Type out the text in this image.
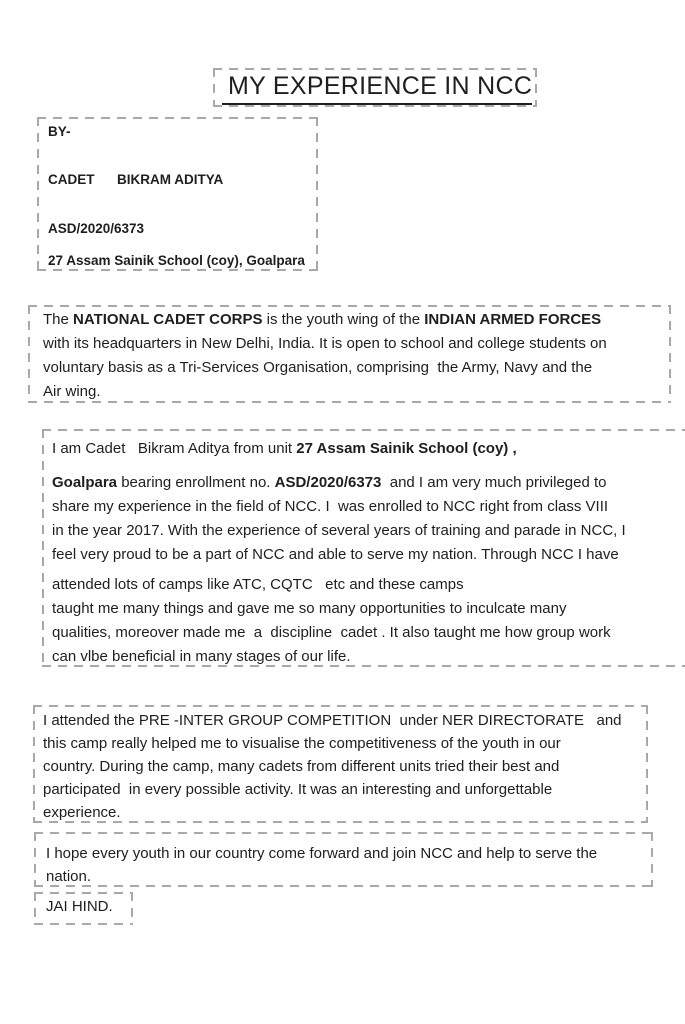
MY EXPERIENCE IN NCC
BY-
CADET      BIKRAM ADITYA
ASD/2020/6373
27 Assam Sainik School (coy), Goalpara
The NATIONAL CADET CORPS is the youth wing of the INDIAN ARMED FORCES
with its headquarters in New Delhi, India. It is open to school and college students on
voluntary basis as a Tri-Services Organisation, comprising  the Army, Navy and the
Air wing.
I am Cadet   Bikram Aditya from unit 27 Assam Sainik School (coy) ,
Goalpara bearing enrollment no. ASD/2020/6373  and I am very much privileged to
share my experience in the field of NCC. I  was enrolled to NCC right from class VIII
in the year 2017. With the experience of several years of training and parade in NCC, I
feel very proud to be a part of NCC and able to serve my nation. Through NCC I have
attended lots of camps like ATC, CQTC   etc and these camps
taught me many things and gave me so many opportunities to inculcate many
qualities, moreover made me  a  discipline  cadet . It also taught me how group work
can vlbe beneficial in many stages of our life.
I attended the PRE -INTER GROUP COMPETITION  under NER DIRECTORATE   and
this camp really helped me to visualise the competitiveness of the youth in our
country. During the camp, many cadets from different units tried their best and
participated  in every possible activity. It was an interesting and unforgettable
experience.
I hope every youth in our country come forward and join NCC and help to serve the
nation.
JAI HIND.
